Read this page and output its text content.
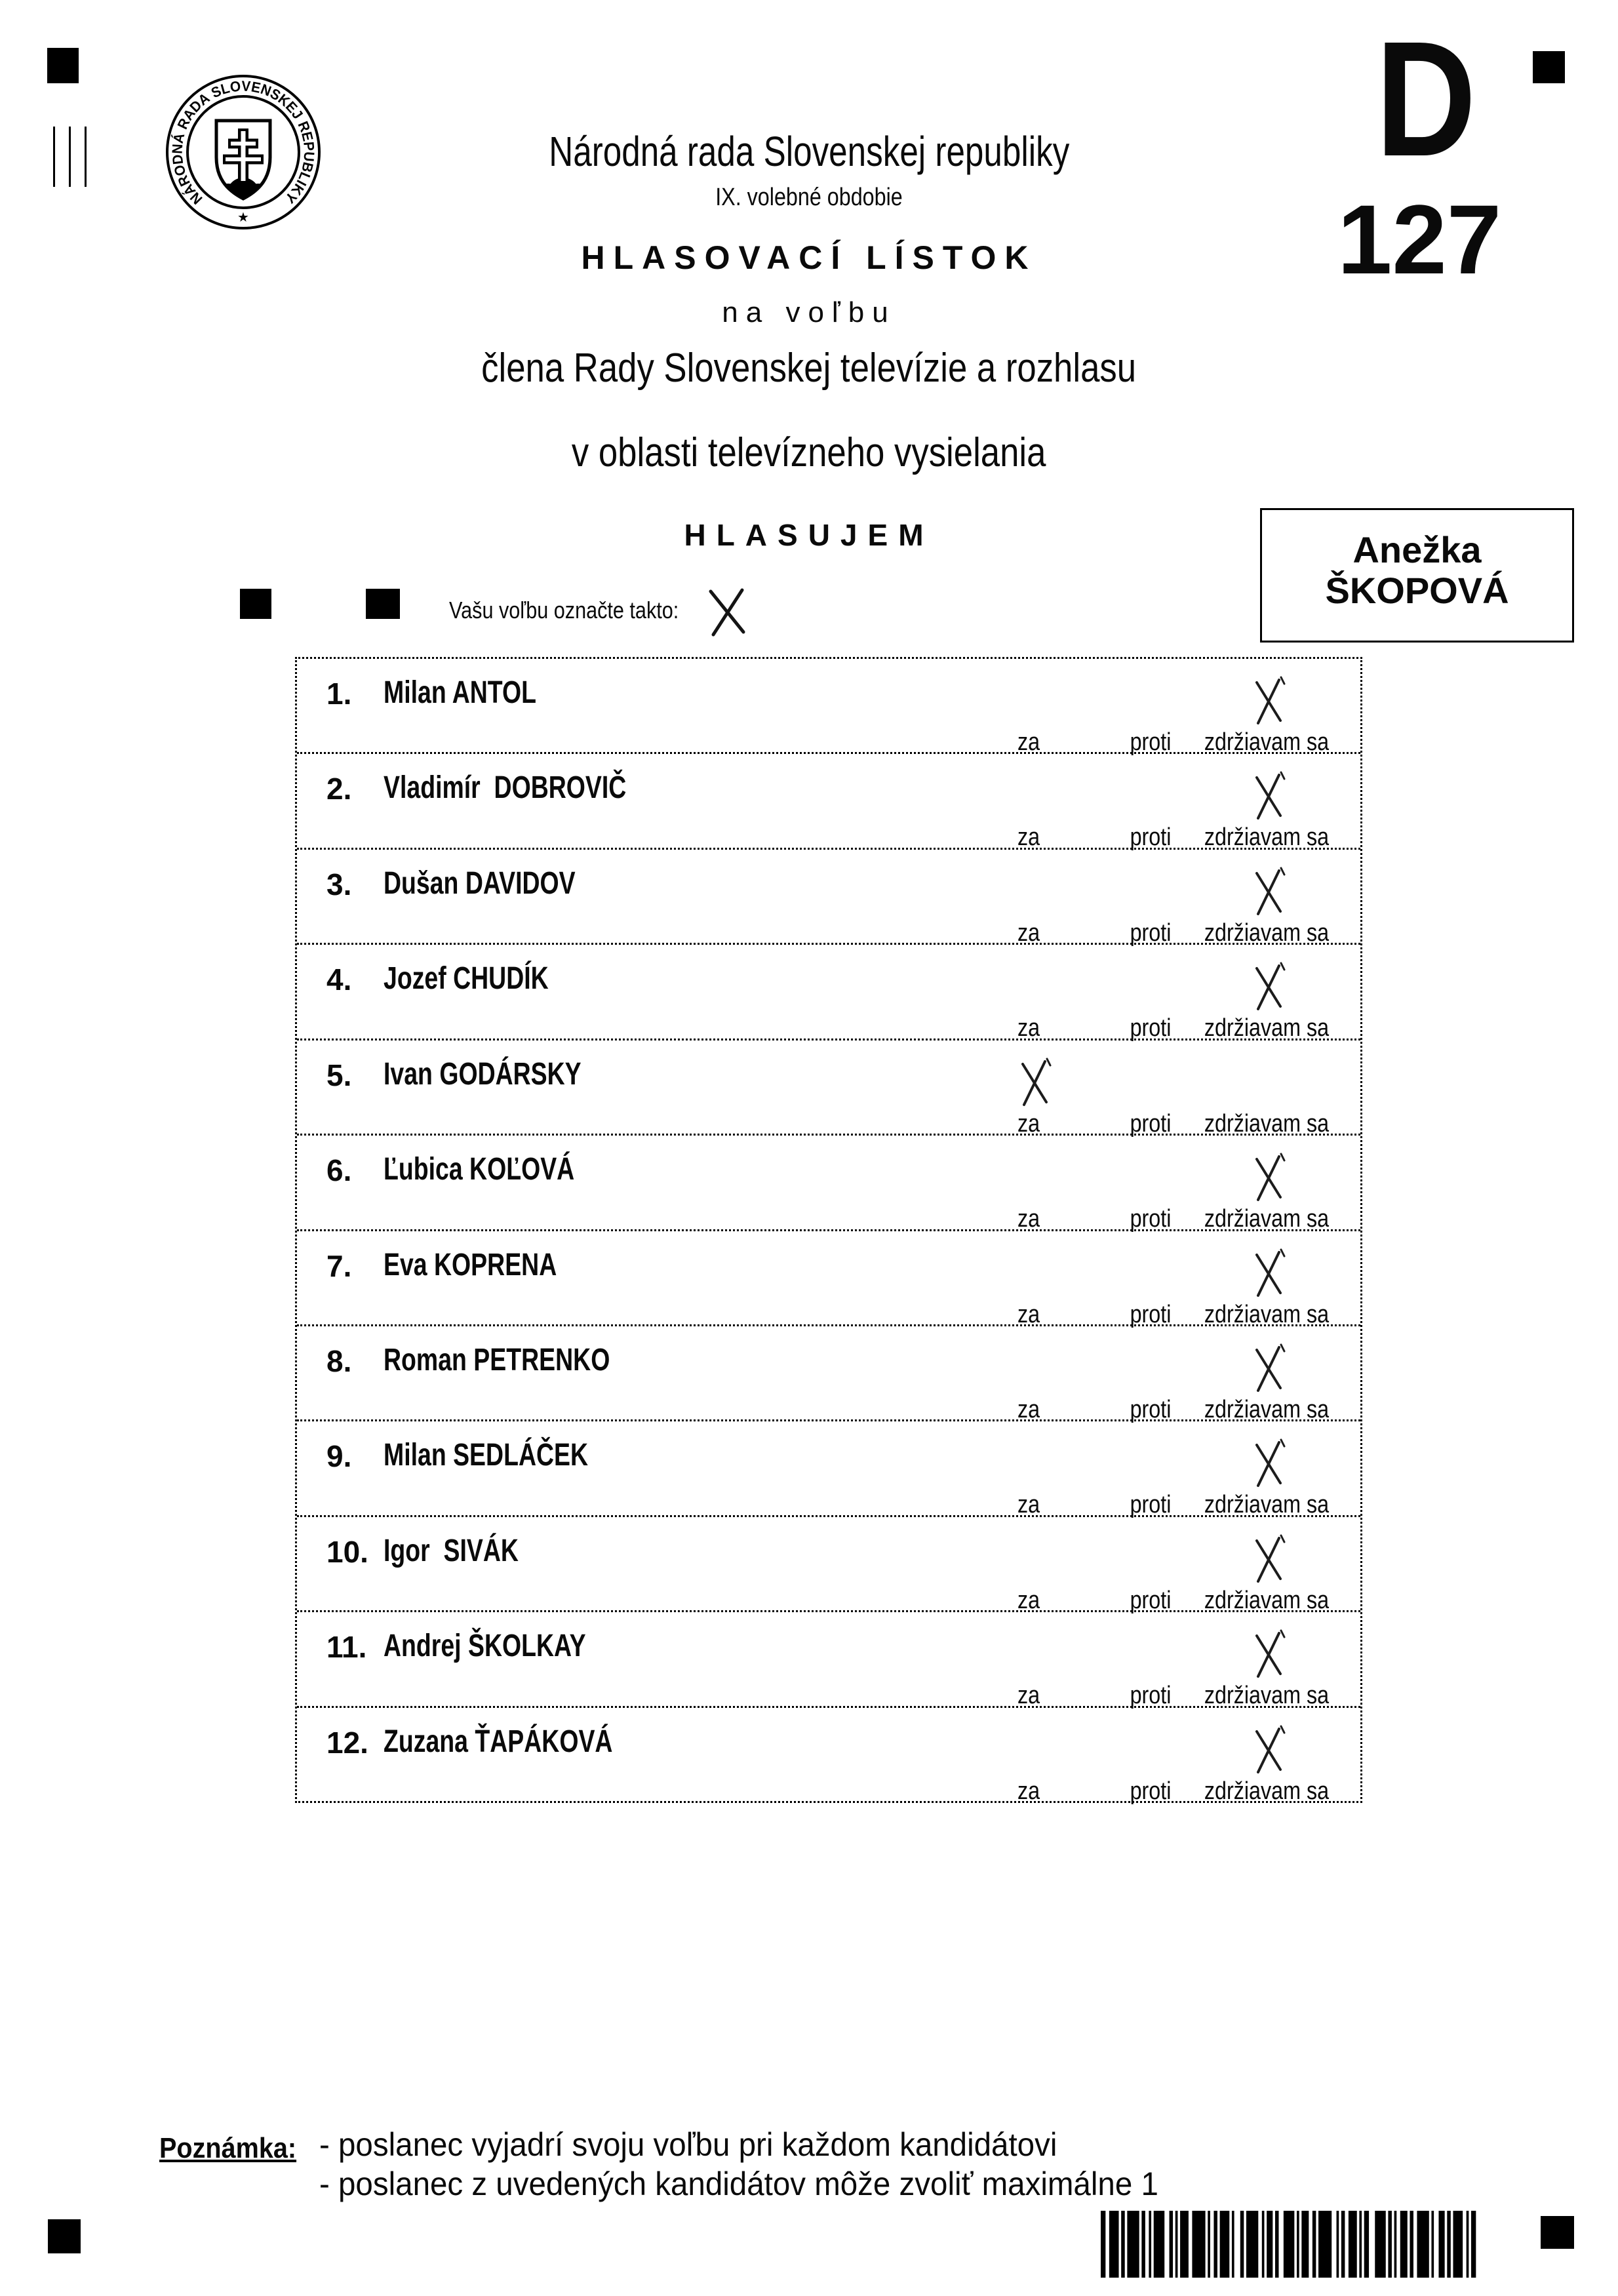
NÁRODNÁ RADA SLOVENSKEJ REPUBLIKY
★
Národná rada Slovenskej republiky
IX. volebné obdobie
HLASOVACÍ LÍSTOK
na voľbu
člena Rady Slovenskej televízie a rozhlasu
v oblasti televízneho vysielania
HLASUJEM
D
127
Anežka
ŠKOPOVÁ
Vašu voľbu označte takto:
1. Milan ANTOL
za	proti zdržiavam sa
2. Vladimír  DOBROVIČ
za	proti zdržiavam sa
3. Dušan DAVIDOV
za	proti zdržiavam sa
4. Jozef CHUDÍK
za	proti zdržiavam sa
5. Ivan GODÁRSKY
za	proti zdržiavam sa
6. Ľubica KOĽOVÁ
za	proti zdržiavam sa
7. Eva KOPRENA
za	proti zdržiavam sa
8. Roman PETRENKO
za	proti zdržiavam sa
9. Milan SEDLÁČEK
za	proti zdržiavam sa
10. Igor  SIVÁK
za	proti zdržiavam sa
11. Andrej ŠKOLKAY
za	proti zdržiavam sa
12. Zuzana ŤAPÁKOVÁ
za	proti zdržiavam sa
Poznámka: - poslanec vyjadrí svoju voľbu pri každom kandidátovi
- poslanec z uvedených kandidátov môže zvoliť maximálne 1
